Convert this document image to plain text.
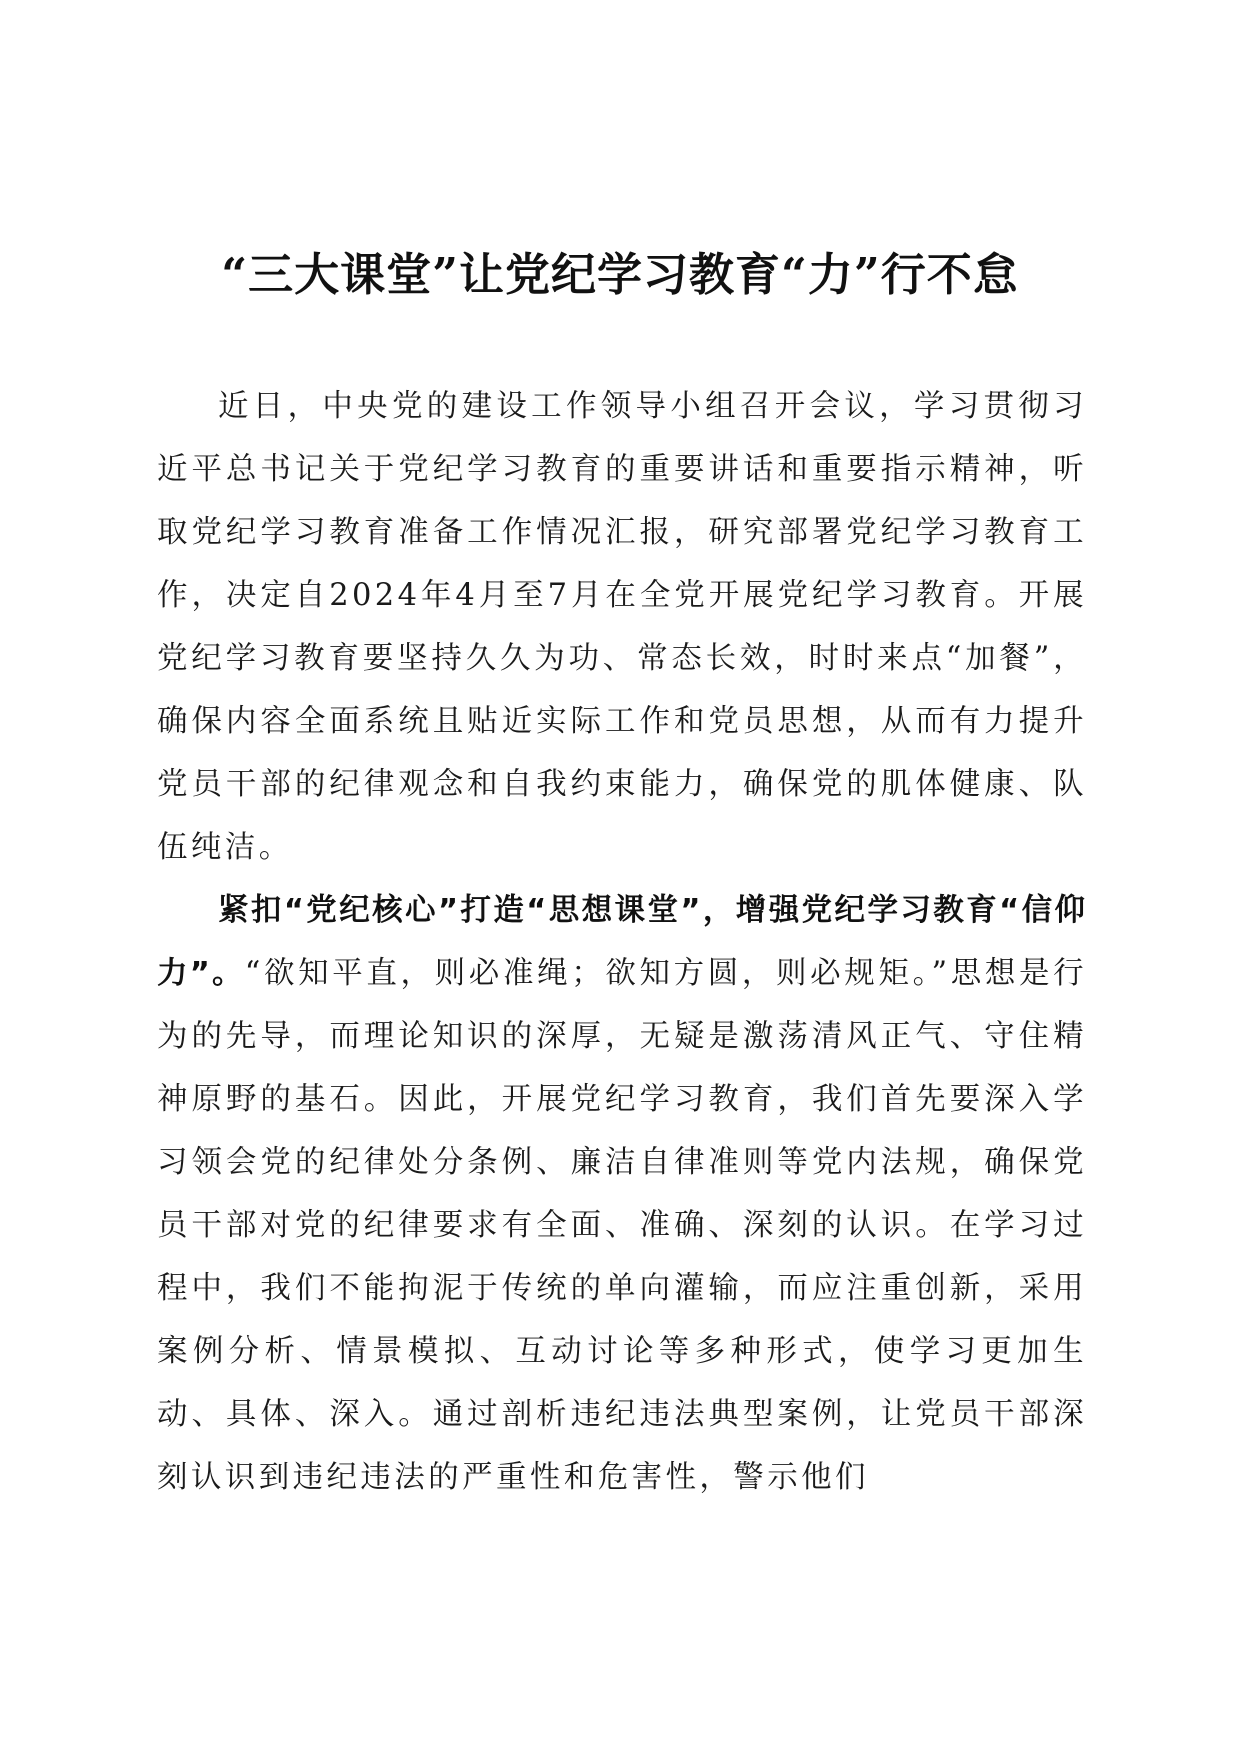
“三大课堂”让党纪学习教育“力”行不怠

近日，中央党的建设工作领导小组召开会议，学习贯彻习近平总书记关于党纪学习教育的重要讲话和重要指示精神，听取党纪学习教育准备工作情况汇报，研究部署党纪学习教育工作，决定自2024年4月至7月在全党开展党纪学习教育。开展党纪学习教育要坚持久久为功、常态长效，时时来点“加餐”，确保内容全面系统且贴近实际工作和党员思想，从而有力提升党员干部的纪律观念和自我约束能力，确保党的肌体健康、队伍纯洁。

紧扣“党纪核心”打造“思想课堂”，增强党纪学习教育“信仰力”。“欲知平直，则必准绳；欲知方圆，则必规矩。”思想是行为的先导，而理论知识的深厚，无疑是激荡清风正气、守住精神原野的基石。因此，开展党纪学习教育，我们首先要深入学习领会党的纪律处分条例、廉洁自律准则等党内法规，确保党员干部对党的纪律要求有全面、准确、深刻的认识。在学习过程中，我们不能拘泥于传统的单向灌输，而应注重创新，采用案例分析、情景模拟、互动讨论等多种形式，使学习更加生动、具体、深入。通过剖析违纪违法典型案例，让党员干部深刻认识到违纪违法的严重性和危害性，警示他们
